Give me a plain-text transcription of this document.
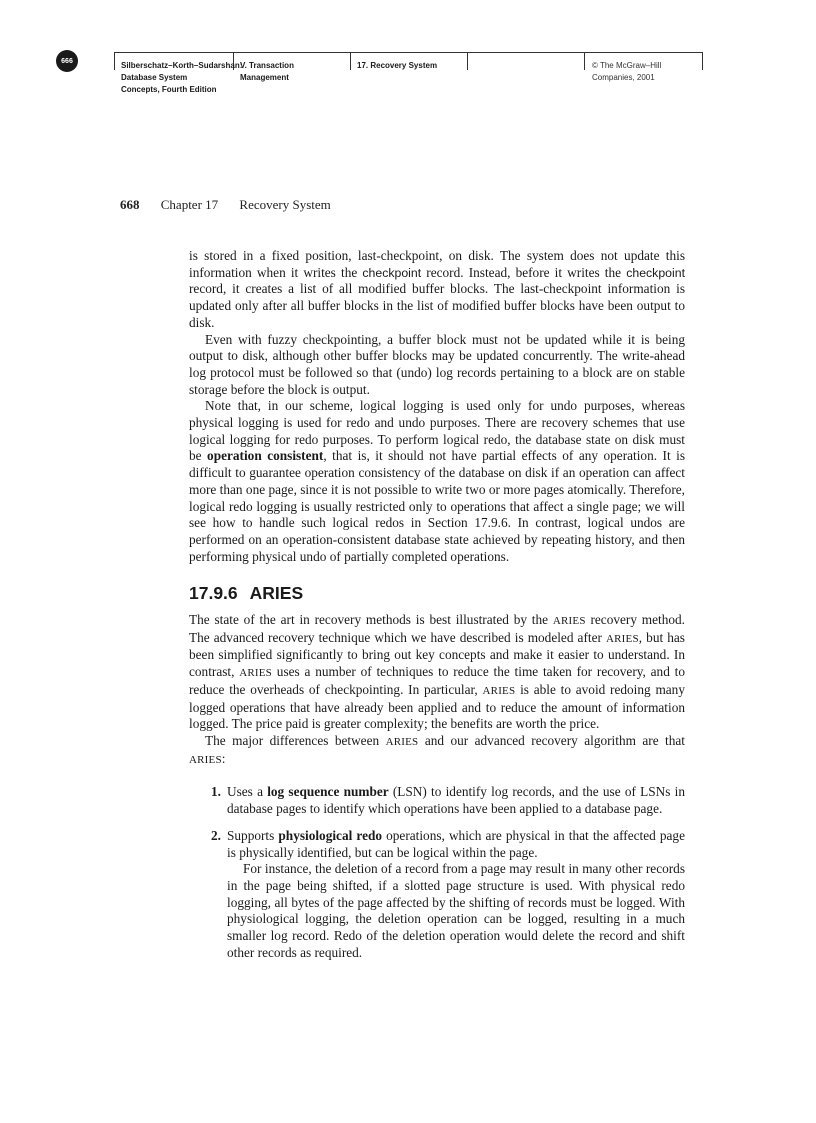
666	Silberschatz–Korth–Sudarshan:
Database System
Concepts, Fourth Edition
V. Transaction
Management
17. Recovery System	© The McGraw–Hill
Companies, 2001
668 Chapter 17 Recovery System

is stored in a fixed position, last-checkpoint, on disk. The system does not update this information when it writes the checkpoint record. Instead, before it writes the checkpoint record, it creates a list of all modified buffer blocks. The last-checkpoint information is updated only after all buffer blocks in the list of modified buffer blocks have been output to disk.

Even with fuzzy checkpointing, a buffer block must not be updated while it is being output to disk, although other buffer blocks may be updated concurrently. The write-ahead log protocol must be followed so that (undo) log records pertaining to a block are on stable storage before the block is output.

Note that, in our scheme, logical logging is used only for undo purposes, whereas physical logging is used for redo and undo purposes. There are recovery schemes that use logical logging for redo purposes. To perform logical redo, the database state on disk must be operation consistent, that is, it should not have partial effects of any operation. It is difficult to guarantee operation consistency of the database on disk if an operation can affect more than one page, since it is not possible to write two or more pages atomically. Therefore, logical redo logging is usually restricted only to operations that affect a single page; we will see how to handle such logical redos in Section 17.9.6. In contrast, logical undos are performed on an operation-consistent database state achieved by repeating history, and then performing physical undo of partially completed operations.

17.9.6 ARIES

The state of the art in recovery methods is best illustrated by the ARIES recovery method. The advanced recovery technique which we have described is modeled after ARIES, but has been simplified significantly to bring out key concepts and make it easier to understand. In contrast, ARIES uses a number of techniques to reduce the time taken for recovery, and to reduce the overheads of checkpointing. In particular, ARIES is able to avoid redoing many logged operations that have already been applied and to reduce the amount of information logged. The price paid is greater complexity; the benefits are worth the price.

The major differences between ARIES and our advanced recovery algorithm are that ARIES:

1. Uses a log sequence number (LSN) to identify log records, and the use of LSNs in database pages to identify which operations have been applied to a database page.

2. Supports physiological redo operations, which are physical in that the affected page is physically identified, but can be logical within the page.

For instance, the deletion of a record from a page may result in many other records in the page being shifted, if a slotted page structure is used. With physical redo logging, all bytes of the page affected by the shifting of records must be logged. With physiological logging, the deletion operation can be logged, resulting in a much smaller log record. Redo of the deletion operation would delete the record and shift other records as required.
